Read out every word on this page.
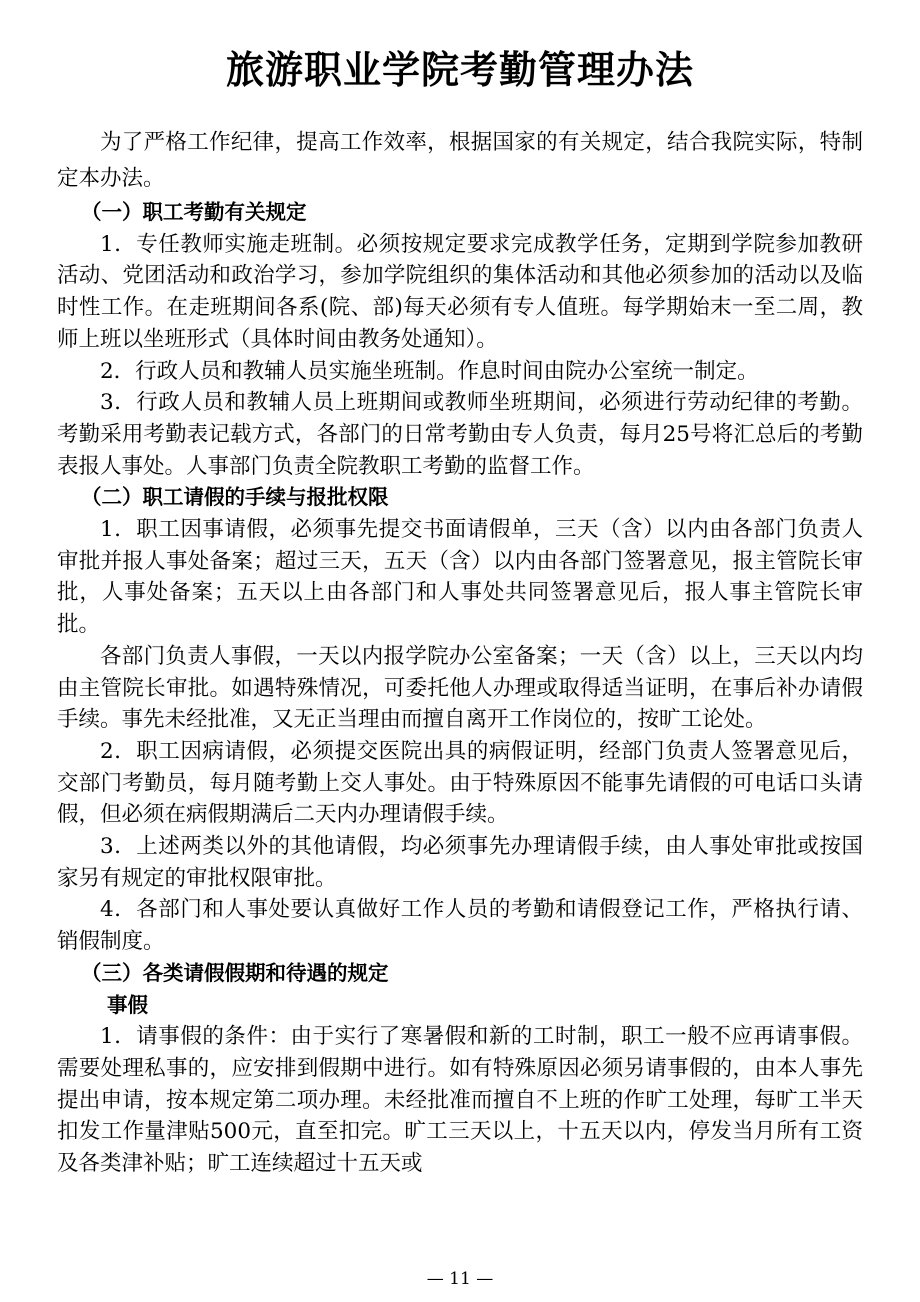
旅游职业学院考勤管理办法

为了严格工作纪律，提高工作效率，根据国家的有关规定，结合我院实际，特制定本办法。

（一）职工考勤有关规定

1．专任教师实施走班制。必须按规定要求完成教学任务，定期到学院参加教研活动、党团活动和政治学习，参加学院组织的集体活动和其他必须参加的活动以及临时性工作。在走班期间各系(院、部)每天必须有专人值班。每学期始末一至二周，教师上班以坐班形式（具体时间由教务处通知）。

2．行政人员和教辅人员实施坐班制。作息时间由院办公室统一制定。

3．行政人员和教辅人员上班期间或教师坐班期间，必须进行劳动纪律的考勤。考勤采用考勤表记载方式，各部门的日常考勤由专人负责，每月25号将汇总后的考勤表报人事处。人事部门负责全院教职工考勤的监督工作。

（二）职工请假的手续与报批权限

1．职工因事请假，必须事先提交书面请假单，三天（含）以内由各部门负责人审批并报人事处备案；超过三天，五天（含）以内由各部门签署意见，报主管院长审批，人事处备案；五天以上由各部门和人事处共同签署意见后，报人事主管院长审批。

各部门负责人事假，一天以内报学院办公室备案；一天（含）以上，三天以内均由主管院长审批。如遇特殊情况，可委托他人办理或取得适当证明，在事后补办请假手续。事先未经批准，又无正当理由而擅自离开工作岗位的，按旷工论处。

2．职工因病请假，必须提交医院出具的病假证明，经部门负责人签署意见后，交部门考勤员，每月随考勤上交人事处。由于特殊原因不能事先请假的可电话口头请假，但必须在病假期满后二天内办理请假手续。

3．上述两类以外的其他请假，均必须事先办理请假手续，由人事处审批或按国家另有规定的审批权限审批。

4．各部门和人事处要认真做好工作人员的考勤和请假登记工作，严格执行请、销假制度。

（三）各类请假假期和待遇的规定

事假

1．请事假的条件：由于实行了寒暑假和新的工时制，职工一般不应再请事假。需要处理私事的，应安排到假期中进行。如有特殊原因必须另请事假的，由本人事先提出申请，按本规定第二项办理。未经批准而擅自不上班的作旷工处理，每旷工半天扣发工作量津贴500元，直至扣完。旷工三天以上，十五天以内，停发当月所有工资及各类津补贴；旷工连续超过十五天或

— 11 —
